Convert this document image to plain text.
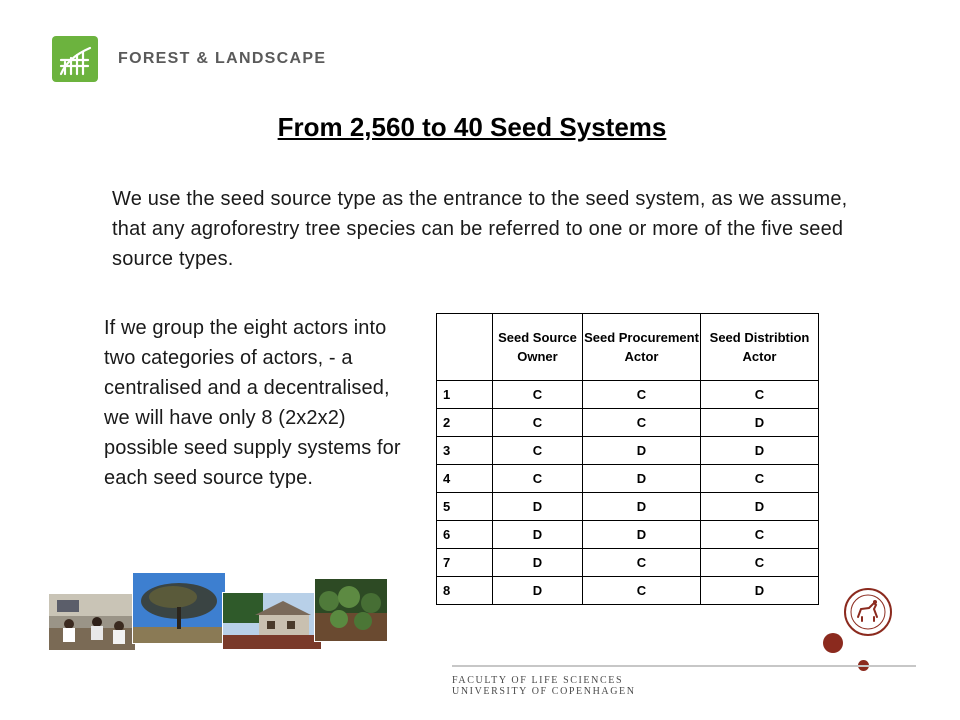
FOREST & LANDSCAPE
From 2,560 to 40 Seed Systems
We use the seed source type as the entrance to the seed system, as we assume, that any agroforestry tree species can be referred to one or more of the five seed source types.
If we group the eight actors into two categories of actors, - a centralised and a decentralised, we will have only 8 (2x2x2) possible seed supply systems for each seed source type.
	Seed Source Owner	Seed Procurement Actor	Seed Distribtion Actor
1	C	C	C
2	C	C	D
3	C	D	D
4	C	D	C
5	D	D	D
6	D	D	C
7	D	C	C
8	D	C	D
FACULTY OF LIFE SCIENCES
UNIVERSITY OF COPENHAGEN
